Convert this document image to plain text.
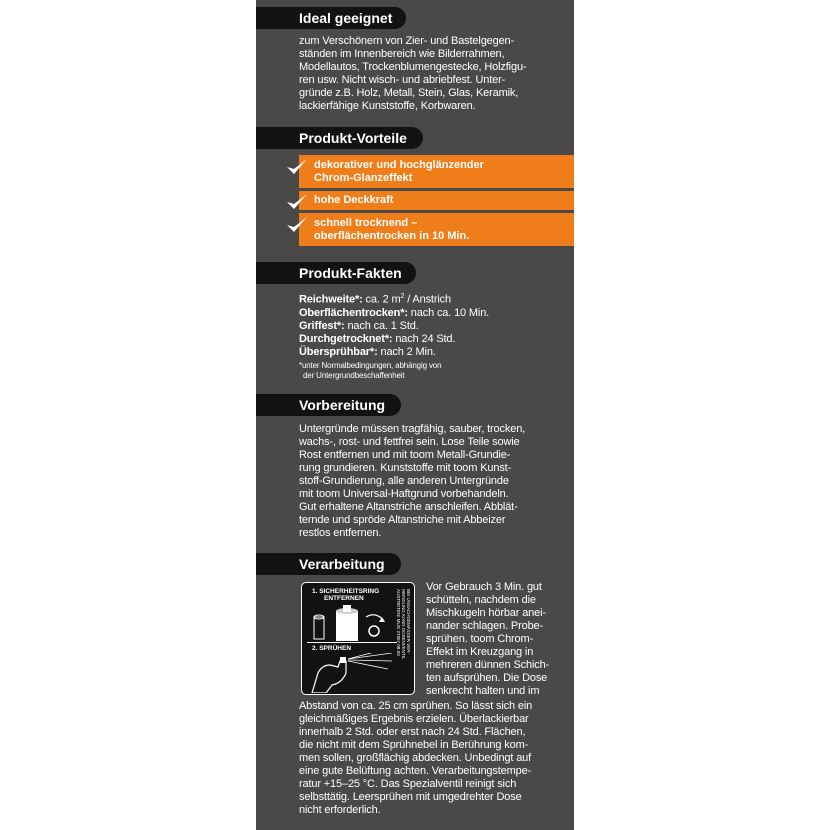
Ideal geeignet
zum Verschönern von Zier- und Bastelgegen-
ständen im Innenbereich wie Bilderrahmen,
Modellautos, Trockenblumengestecke, Holzfigu-
ren usw. Nicht wisch- und abriebfest. Unter-
gründe z.B. Holz, Metall, Stein, Glas, Keramik,
lackierfähige Kunststoffe, Korbwaren.
Produkt-Vorteile
dekorativer und hochglänzender
Chrom-Glanzeffekt
hohe Deckkraft
schnell trocknend –
oberflächentrocken in 10 Min.
Produkt-Fakten
Reichweite*: ca. 2 $m^2$ / Anstrich
Oberflächentrocken*: nach ca. 10 Min.
Griffest*: nach ca. 1 Std.
Durchgetrocknet*: nach 24 Std.
Übersprühbar*: nach 2 Min.
*unter Normalbedingungen, abhängig von
der Untergrundbeschaffenheit
Vorbereitung
Untergründe müssen tragfähig, sauber, trocken,
wachs-, rost- und fettfrei sein. Lose Teile sowie
Rost entfernen und mit toom Metall-Grundie-
rung grundieren. Kunststoffe mit toom Kunst-
stoff-Grundierung, alle anderen Untergründe
mit toom Universal-Haftgrund vorbehandeln.
Gut erhaltene Altanstriche anschleifen. Abblät-
ternde und spröde Altanstriche mit Abbeizer
restlos entfernen.
Verarbeitung
1. SICHERHEITSRING
ENTFERNEN
2. SPRÜHEN	BEI UNSACHGEMÄSSER VER-
WENDUNG KANN DOSENVENTIL
AUSTRETEN! MUG 27957 08-03
Vor Gebrauch 3 Min. gut
schütteln, nachdem die
Mischkugeln hörbar anei-
nander schlagen. Probe-
sprühen. toom Chrom-
Effekt im Kreuzgang in
mehreren dünnen Schich-
ten aufsprühen. Die Dose
senkrecht halten und im
Abstand von ca. 25 cm sprühen. So lässt sich ein
gleichmäßiges Ergebnis erzielen. Überlackierbar
innerhalb 2 Std. oder erst nach 24 Std. Flächen,
die nicht mit dem Sprühnebel in Berührung kom-
men sollen, großflächig abdecken. Unbedingt auf
eine gute Belüftung achten. Verarbeitungstempe-
ratur +15–25 °C. Das Spezialventil reinigt sich
selbsttätig. Leersprühen mit umgedrehter Dose
nicht erforderlich.
